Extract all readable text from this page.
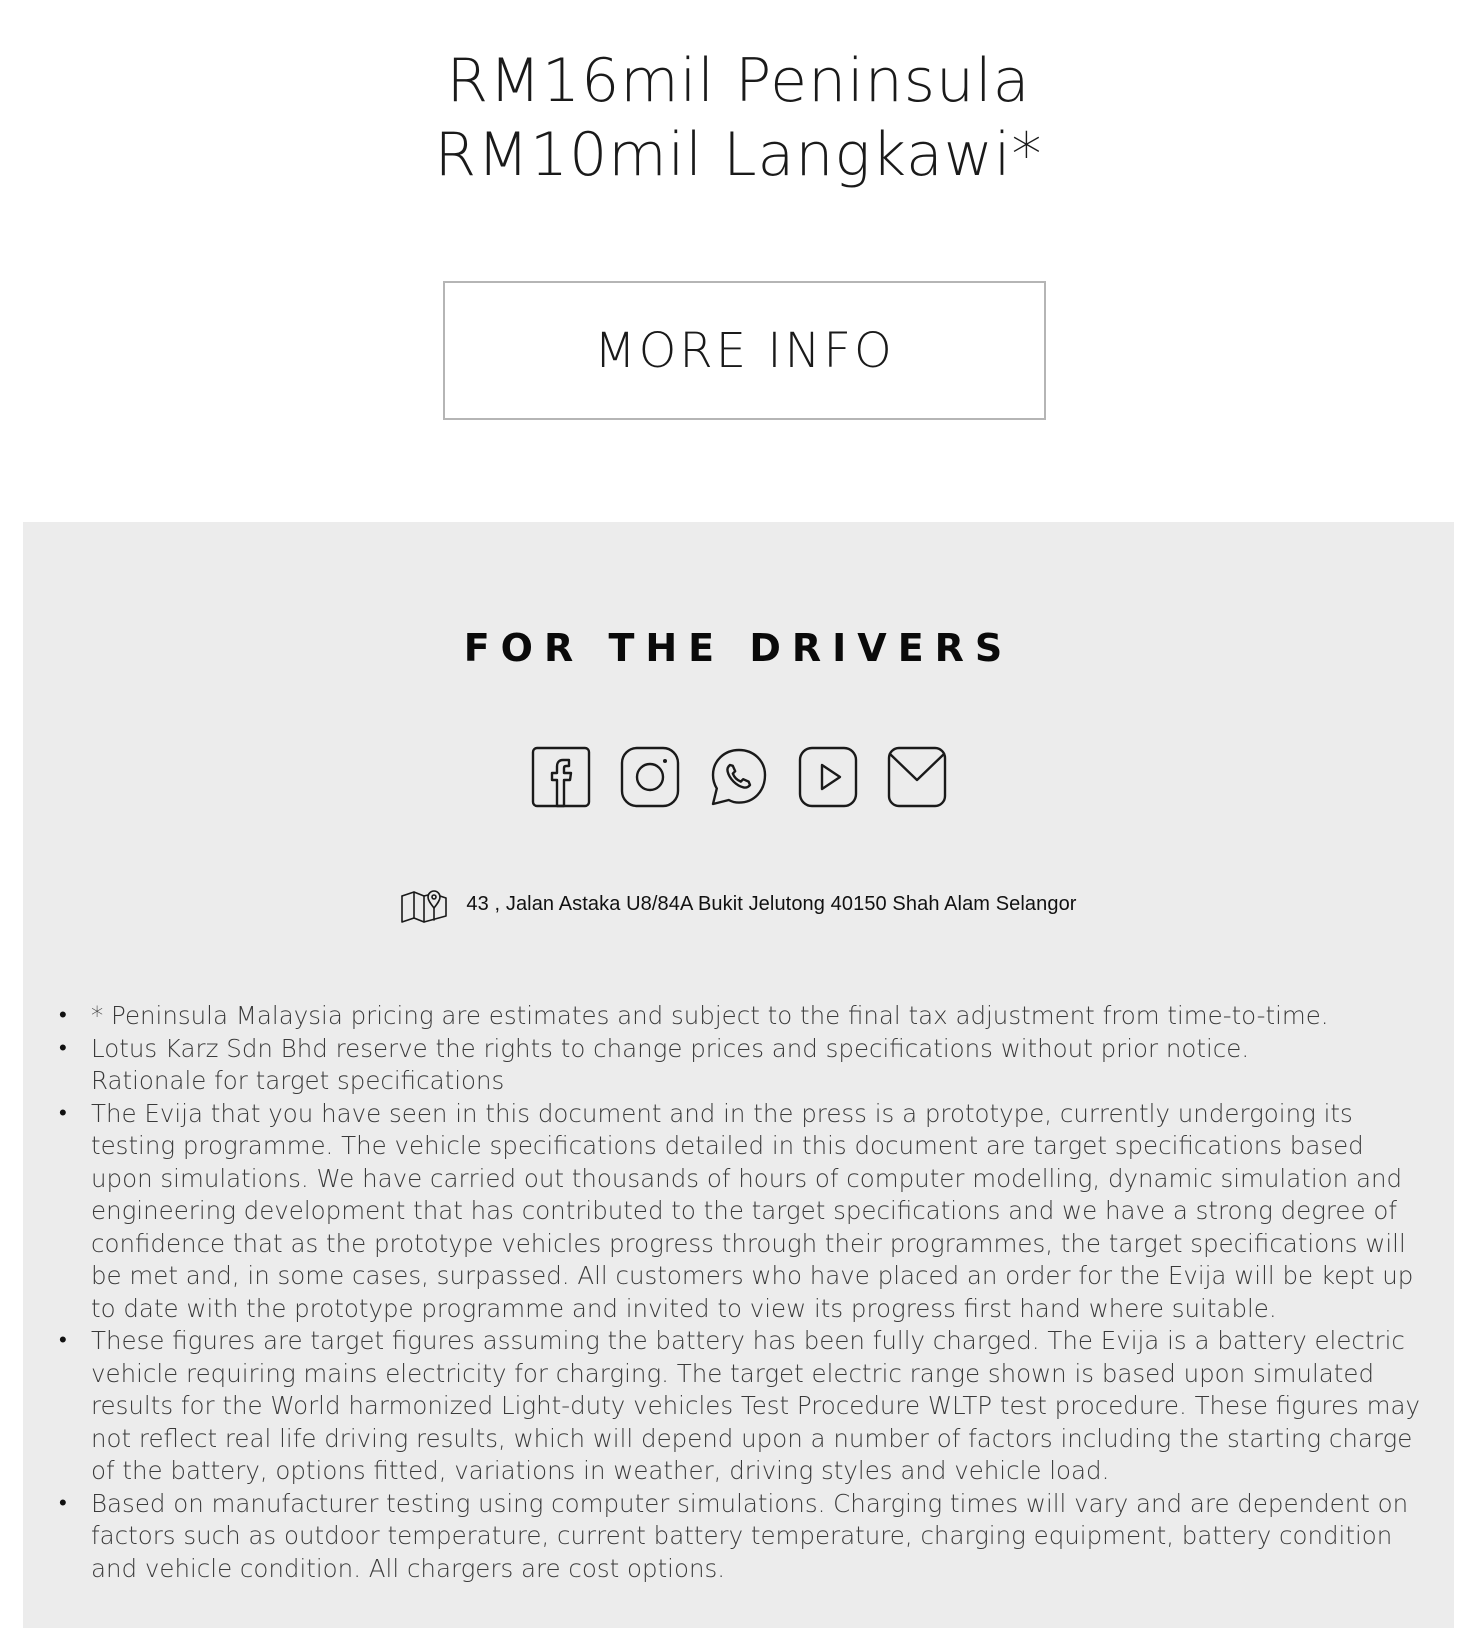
RM16mil Peninsula
RM10mil Langkawi*
MORE INFO
FOR THE DRIVERS
43 , Jalan Astaka U8/84A Bukit Jelutong 40150 Shah Alam Selangor
• * Peninsula Malaysia pricing are estimates and subject to the final tax adjustment from time-to-time.
• Lotus Karz Sdn Bhd reserve the rights to change prices and specifications without prior notice.
Rationale for target specifications
• The Evija that you have seen in this document and in the press is a prototype, currently undergoing its testing programme. The vehicle specifications detailed in this document are target specifications based upon simulations. We have carried out thousands of hours of computer modelling, dynamic simulation and engineering development that has contributed to the target specifications and we have a strong degree of confidence that as the prototype vehicles progress through their programmes, the target specifications will be met and, in some cases, surpassed. All customers who have placed an order for the Evija will be kept up to date with the prototype programme and invited to view its progress first hand where suitable.
• These figures are target figures assuming the battery has been fully charged. The Evija is a battery electric vehicle requiring mains electricity for charging. The target electric range shown is based upon simulated results for the World harmonized Light-duty vehicles Test Procedure WLTP test procedure. These figures may not reflect real life driving results, which will depend upon a number of factors including the starting charge of the battery, options fitted, variations in weather, driving styles and vehicle load.
• Based on manufacturer testing using computer simulations. Charging times will vary and are dependent on factors such as outdoor temperature, current battery temperature, charging equipment, battery condition and vehicle condition. All chargers are cost options.
